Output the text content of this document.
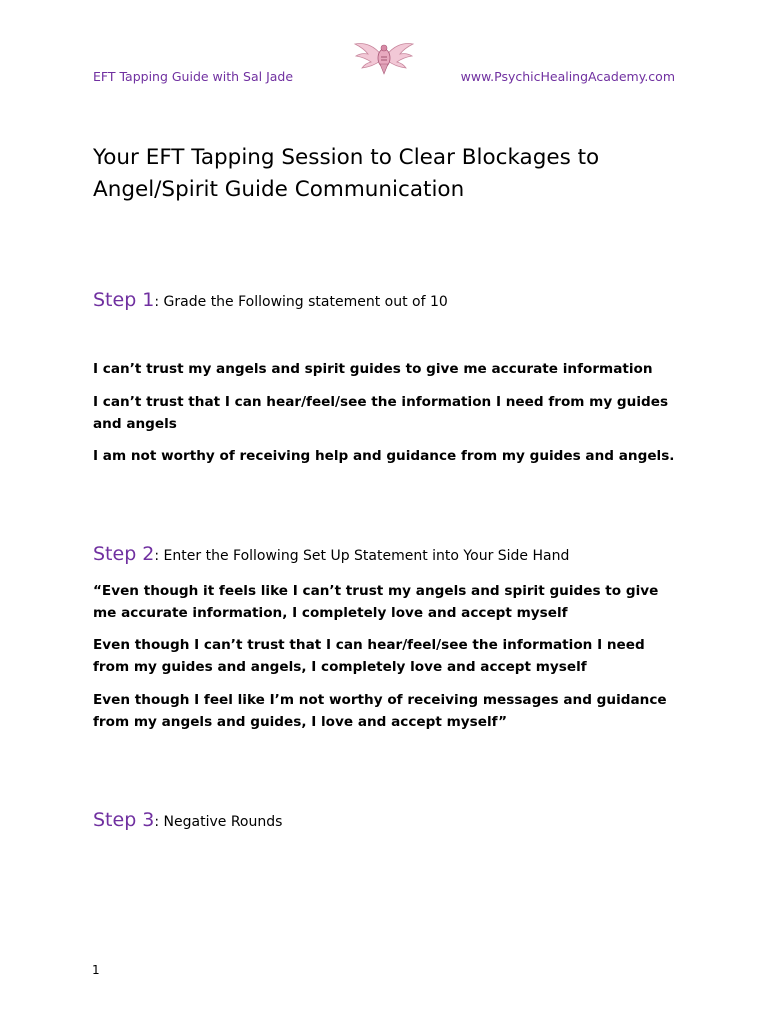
EFT Tapping Guide with Sal Jade	www.PsychicHealingAcademy.com
Your EFT Tapping Session to Clear Blockages to
Angel/Spirit Guide Communication
Step 1: Grade the Following statement out of 10
I can’t trust my angels and spirit guides to give me accurate information
I can’t trust that I can hear/feel/see the information I need from my guides and angels
I am not worthy of receiving help and guidance from my guides and angels.
Step 2: Enter the Following Set Up Statement into Your Side Hand
“Even though it feels like I can’t trust my angels and spirit guides to give me accurate information, I completely love and accept myself
Even though I can’t trust that I can hear/feel/see the information I need from my guides and angels, I completely love and accept myself
Even though I feel like I’m not worthy of receiving messages and guidance from my angels and guides, I love and accept myself”
Step 3: Negative Rounds
1
